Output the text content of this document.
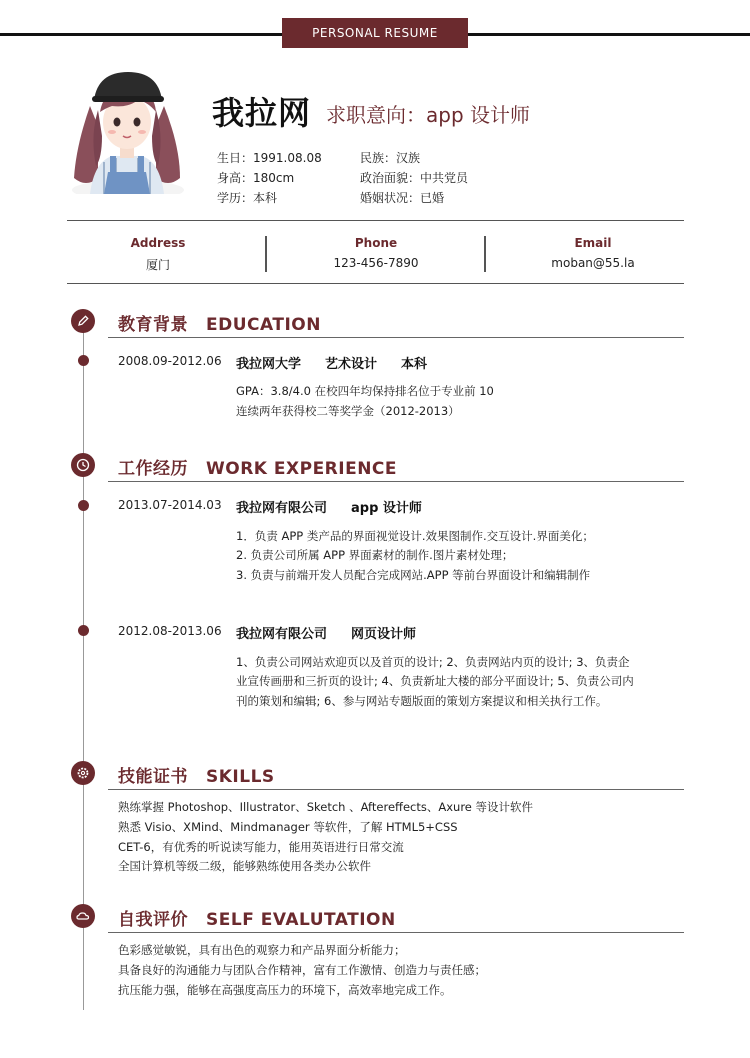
PERSONAL RESUME
我拉网 求职意向：app 设计师
生日：1991.08.08	民族：汉族
身高：180cm	政治面貌：中共党员
学历：本科	婚姻状况：已婚
Address
厦门
Phone
123-456-7890
Email
moban@55.la
教育背景 EDUCATION
2008.09-2012.06 我拉网大学 艺术设计 本科
GPA：3.8/4.0 在校四年均保持排名位于专业前 10
连续两年获得校二等奖学金（2012-2013）
工作经历 WORK EXPERIENCE
2013.07-2014.03 我拉网有限公司 app 设计师
1．负责 APP 类产品的界面视觉设计.效果图制作.交互设计.界面美化；
2. 负责公司所属 APP 界面素材的制作.图片素材处理；
3. 负责与前端开发人员配合完成网站.APP 等前台界面设计和编辑制作
2012.08-2013.06 我拉网有限公司 网页设计师
1、负责公司网站欢迎页以及首页的设计; 2、负责网站内页的设计; 3、负责企
业宣传画册和三折页的设计; 4、负责新址大楼的部分平面设计; 5、负责公司内
刊的策划和编辑; 6、参与网站专题版面的策划方案提议和相关执行工作。
技能证书 SKILLS
熟练掌握 Photoshop、Illustrator、Sketch 、Aftereffects、Axure 等设计软件
熟悉 Visio、XMind、Mindmanager 等软件，了解 HTML5+CSS
CET-6，有优秀的听说读写能力，能用英语进行日常交流
全国计算机等级二级，能够熟练使用各类办公软件
自我评价 SELF EVALUTATION
色彩感觉敏锐，具有出色的观察力和产品界面分析能力；
具备良好的沟通能力与团队合作精神，富有工作激情、创造力与责任感；
抗压能力强，能够在高强度高压力的环境下，高效率地完成工作。
